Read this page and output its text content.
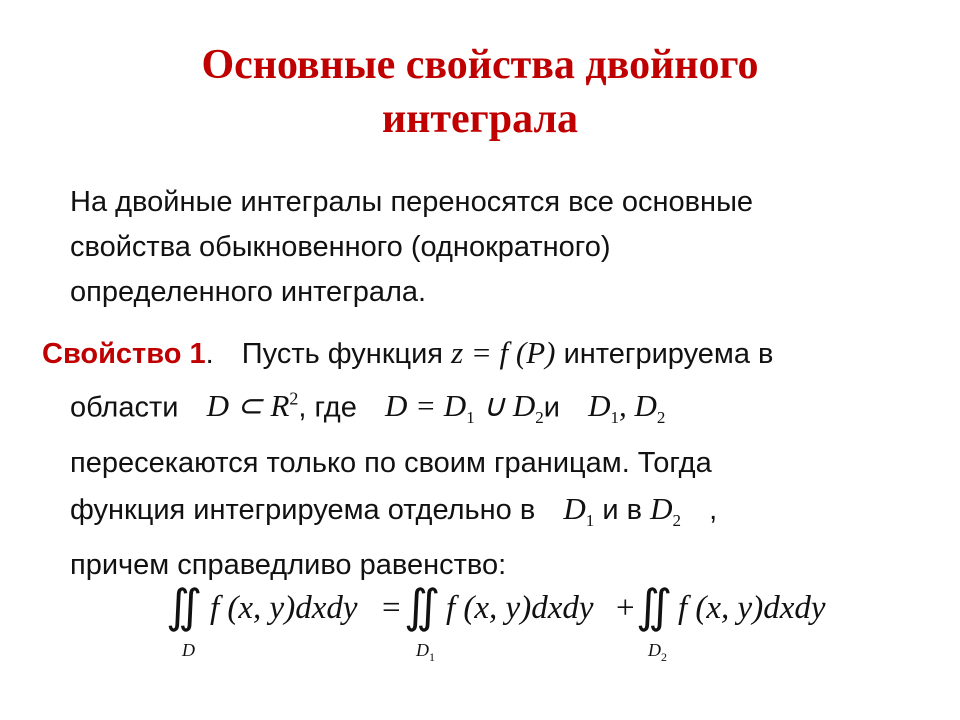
Основные свойства двойного
интеграла
На двойные интегралы переносятся все основные
свойства обыкновенного (однократного)
определенного интеграла.
Свойство 1. Пусть функция z = f (P) интегрируема в
области D ⊂ $R^2$, где $D = D_1$ ∪ $D_2и$ $D_1$, $D_2$
пересекаются только по своим границам. Тогда
функция интегрируема отдельно в $D_1$ и в $D_2$ ,
причем справедливо равенство:
∬
D
f (x, y)dxdy = ∬
D 1
f (x, y)dxdy + ∬
D 2
f (x, y)dxdy
